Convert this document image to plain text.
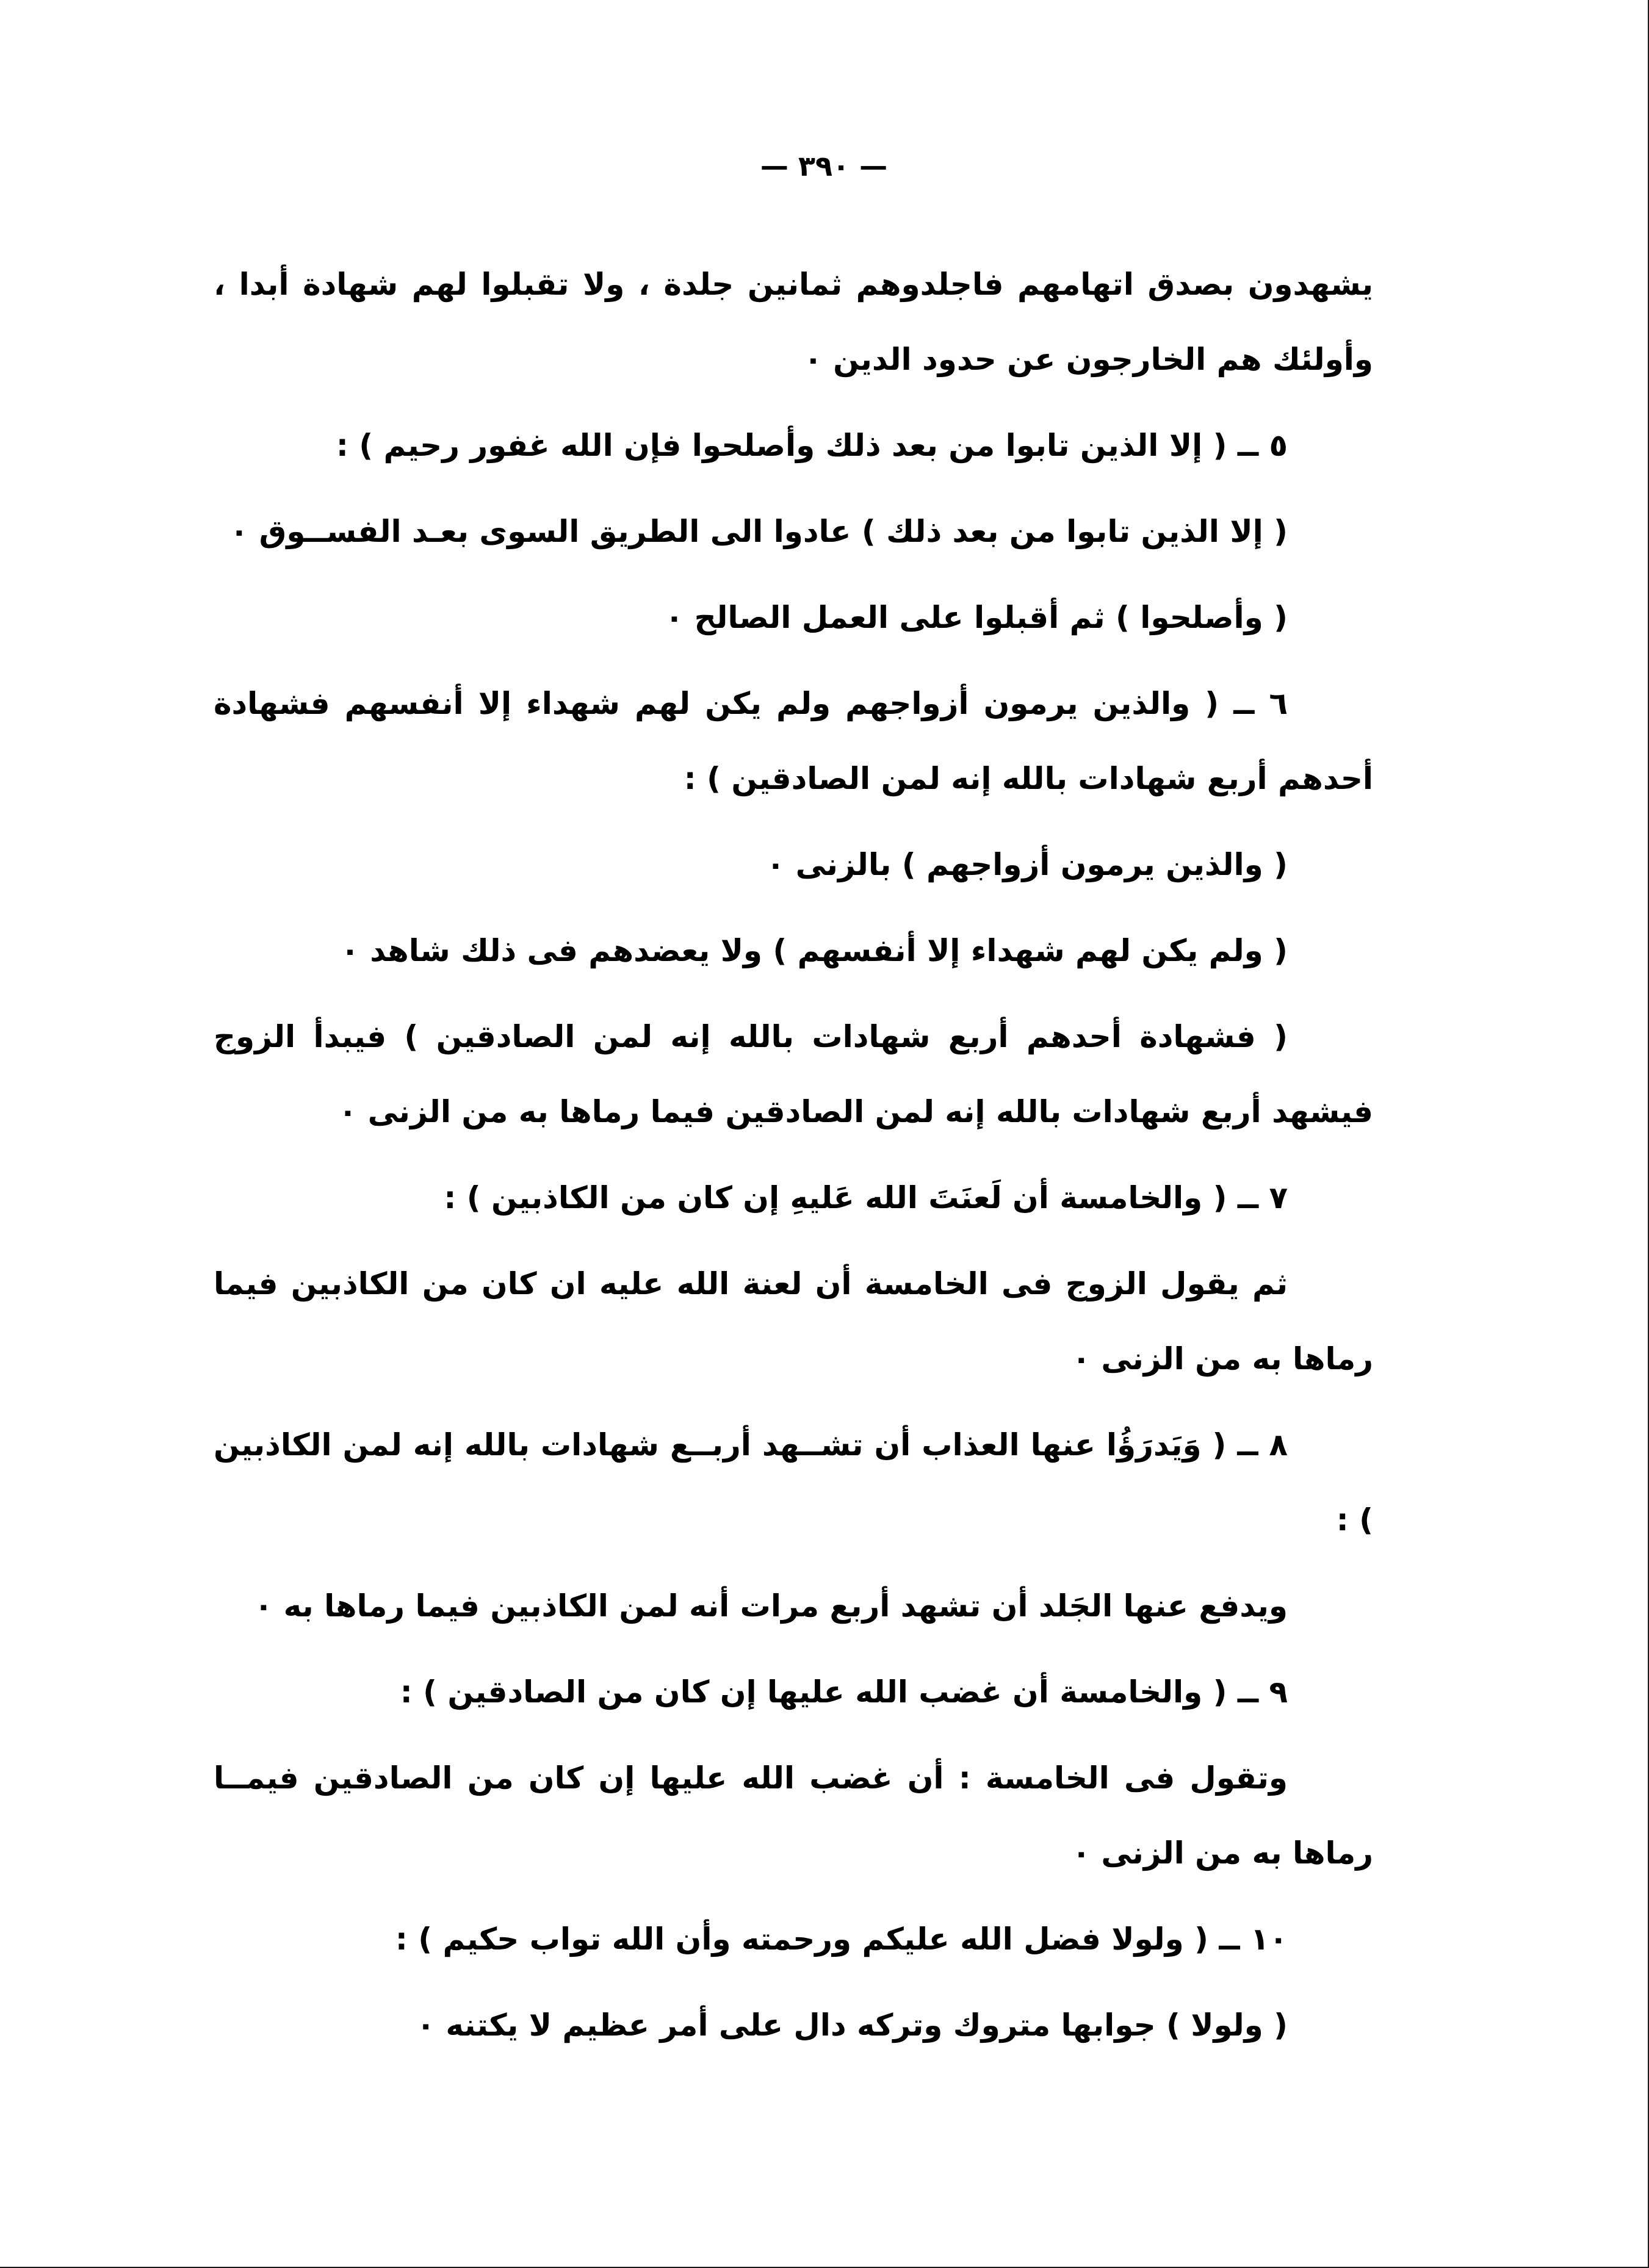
— ٣٩٠ —

يشهدون بصدق اتهامهم فاجلدوهم ثمانين جلدة ، ولا تقبلوا لهم شهادة أبدا ، وأولئك هم الخارجون عن حدود الدين ٠

٥ ــ ( إلا الذين تابوا من بعد ذلك وأصلحوا فإن الله غفور رحيم ) :

( إلا الذين تابوا من بعد ذلك ) عادوا الى الطريق السوى بعـد الفســوق ٠

( وأصلحوا ) ثم أقبلوا على العمل الصالح ٠

٦ ــ ( والذين يرمون أزواجهم ولم يكن لهم شهداء إلا أنفسهم فشهادة أحدهم أربع شهادات بالله إنه لمن الصادقين ) :

( والذين يرمون أزواجهم ) بالزنى ٠

( ولم يكن لهم شهداء إلا أنفسهم ) ولا يعضدهم فى ذلك شاهد ٠

( فشهادة أحدهم أربع شهادات بالله إنه لمن الصادقين ) فيبدأ الزوج فيشهد أربع شهادات بالله إنه لمن الصادقين فيما رماها به من الزنى ٠

٧ ــ ( والخامسة أن لَعنَتَ الله عَليهِ إن كان من الكاذبين ) :

ثم يقول الزوج فى الخامسة أن لعنة الله عليه ان كان من الكاذبين فيما رماها به من الزنى ٠

٨ ــ ( وَيَدرَؤُا عنها العذاب أن تشــهد أربــع شهادات بالله إنه لمن الكاذبين ) :

ويدفع عنها الجَلد أن تشهد أربع مرات أنه لمن الكاذبين فيما رماها به ٠

٩ ــ ( والخامسة أن غضب الله عليها إن كان من الصادقين ) :

وتقول فى الخامسة : أن غضب الله عليها إن كان من الصادقين فيمــا رماها به من الزنى ٠

١٠ ــ ( ولولا فضل الله عليكم ورحمته وأن الله تواب حكيم ) :

( ولولا ) جوابها متروك وتركه دال على أمر عظيم لا يكتنه ٠
